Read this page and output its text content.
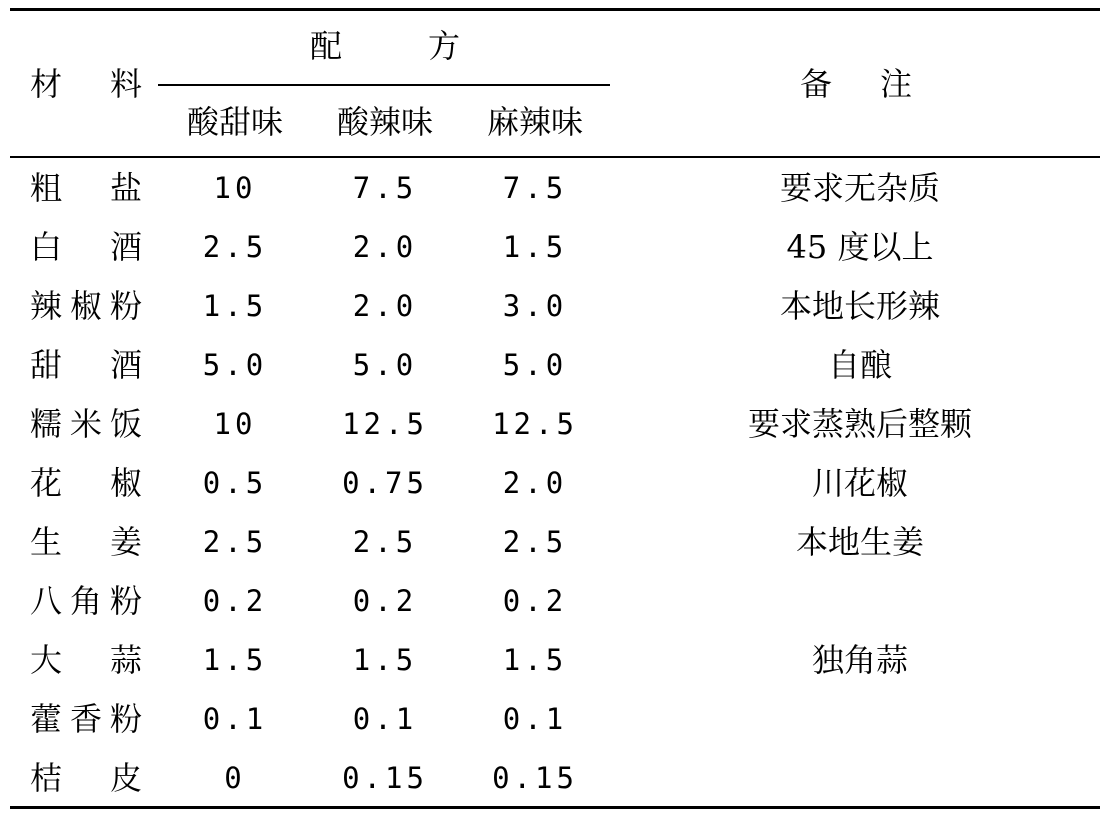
材 料
配 方
酸甜味	酸辣味	麻辣味
备 注
粗 盐	10	7.5	7.5	要求无杂质
白 酒	2.5	2.0	1.5	45 度以上
辣椒粉	1.5	2.0	3.0	本地长形辣
甜 酒	5.0	5.0	5.0	自酿
糯米饭	10	12.5	12.5	要求蒸熟后整颗
花 椒	0.5	0.75	2.0	川花椒
生 姜	2.5	2.5	2.5	本地生姜
八角粉	0.2	0.2	0.2
大 蒜	1.5	1.5	1.5	独角蒜
藿香粉	0.1	0.1	0.1
桔 皮	0	0.15	0.15
